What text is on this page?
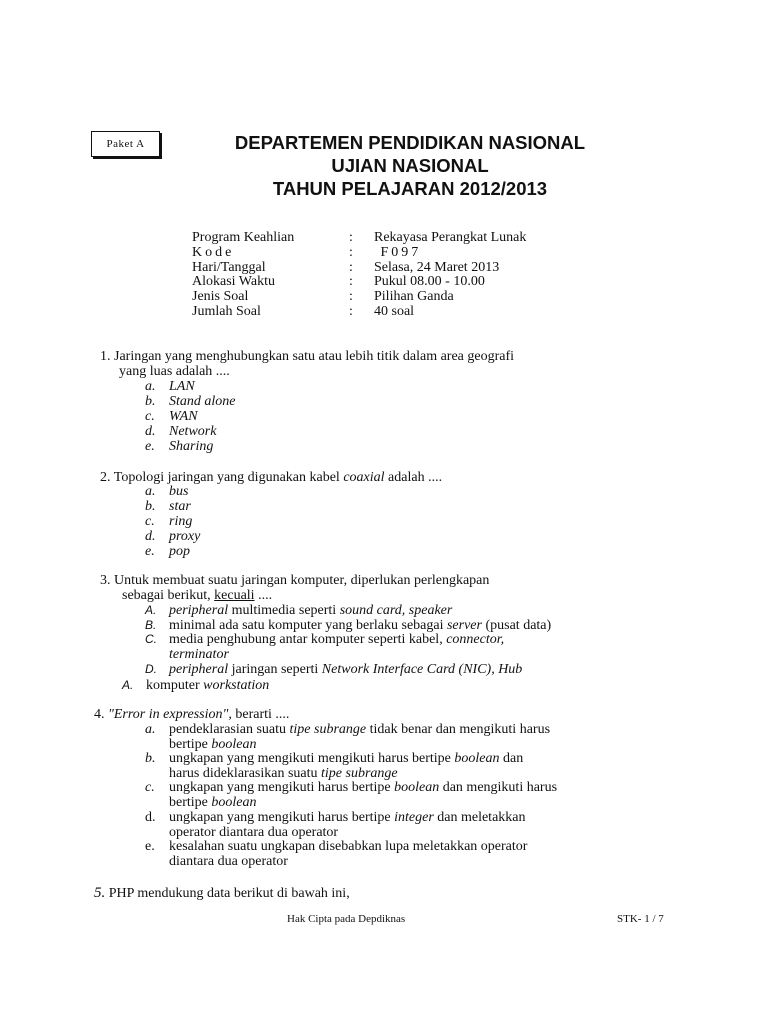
Paket A	DEPARTEMEN PENDIDIKAN NASIONAL
UJIAN NASIONAL
TAHUN PELAJARAN 2012/2013
Program Keahlian	: Rekayasa Perangkat Lunak
Kode	: F097
Hari/Tanggal	: Selasa, 24 Maret 2013
Alokasi Waktu	: Pukul 08.00 - 10.00
Jenis Soal	: Pilihan Ganda
Jumlah Soal	: 40 soal
1. Jaringan yang menghubungkan satu atau lebih titik dalam area geografi
yang luas adalah ....
a. LAN
b. Stand alone
c. WAN
d. Network
e. Sharing
2. Topologi jaringan yang digunakan kabel coaxial adalah ....
a. bus
b. star
c. ring
d. proxy
e. pop
3. Untuk membuat suatu jaringan komputer, diperlukan perlengkapan
sebagai berikut, kecuali ....
A. peripheral multimedia seperti sound card, speaker
B. minimal ada satu komputer yang berlaku sebagai server (pusat data)
C. media penghubung antar komputer seperti kabel, connector,
terminator
D. peripheral jaringan seperti Network Interface Card (NIC), Hub
A. komputer workstation
4. "Error in expression", berarti ....
a. pendeklarasian suatu tipe subrange tidak benar dan mengikuti harus
bertipe boolean
b. ungkapan yang mengikuti mengikuti harus bertipe boolean dan
harus dideklarasikan suatu tipe subrange
c. ungkapan yang mengikuti harus bertipe boolean dan mengikuti harus
bertipe boolean
d. ungkapan yang mengikuti harus bertipe integer dan meletakkan
operator diantara dua operator
e. kesalahan suatu ungkapan disebabkan lupa meletakkan operator
diantara dua operator
5. PHP mendukung data berikut di bawah ini,
Hak Cipta pada Depdiknas	STK- 1 / 7
